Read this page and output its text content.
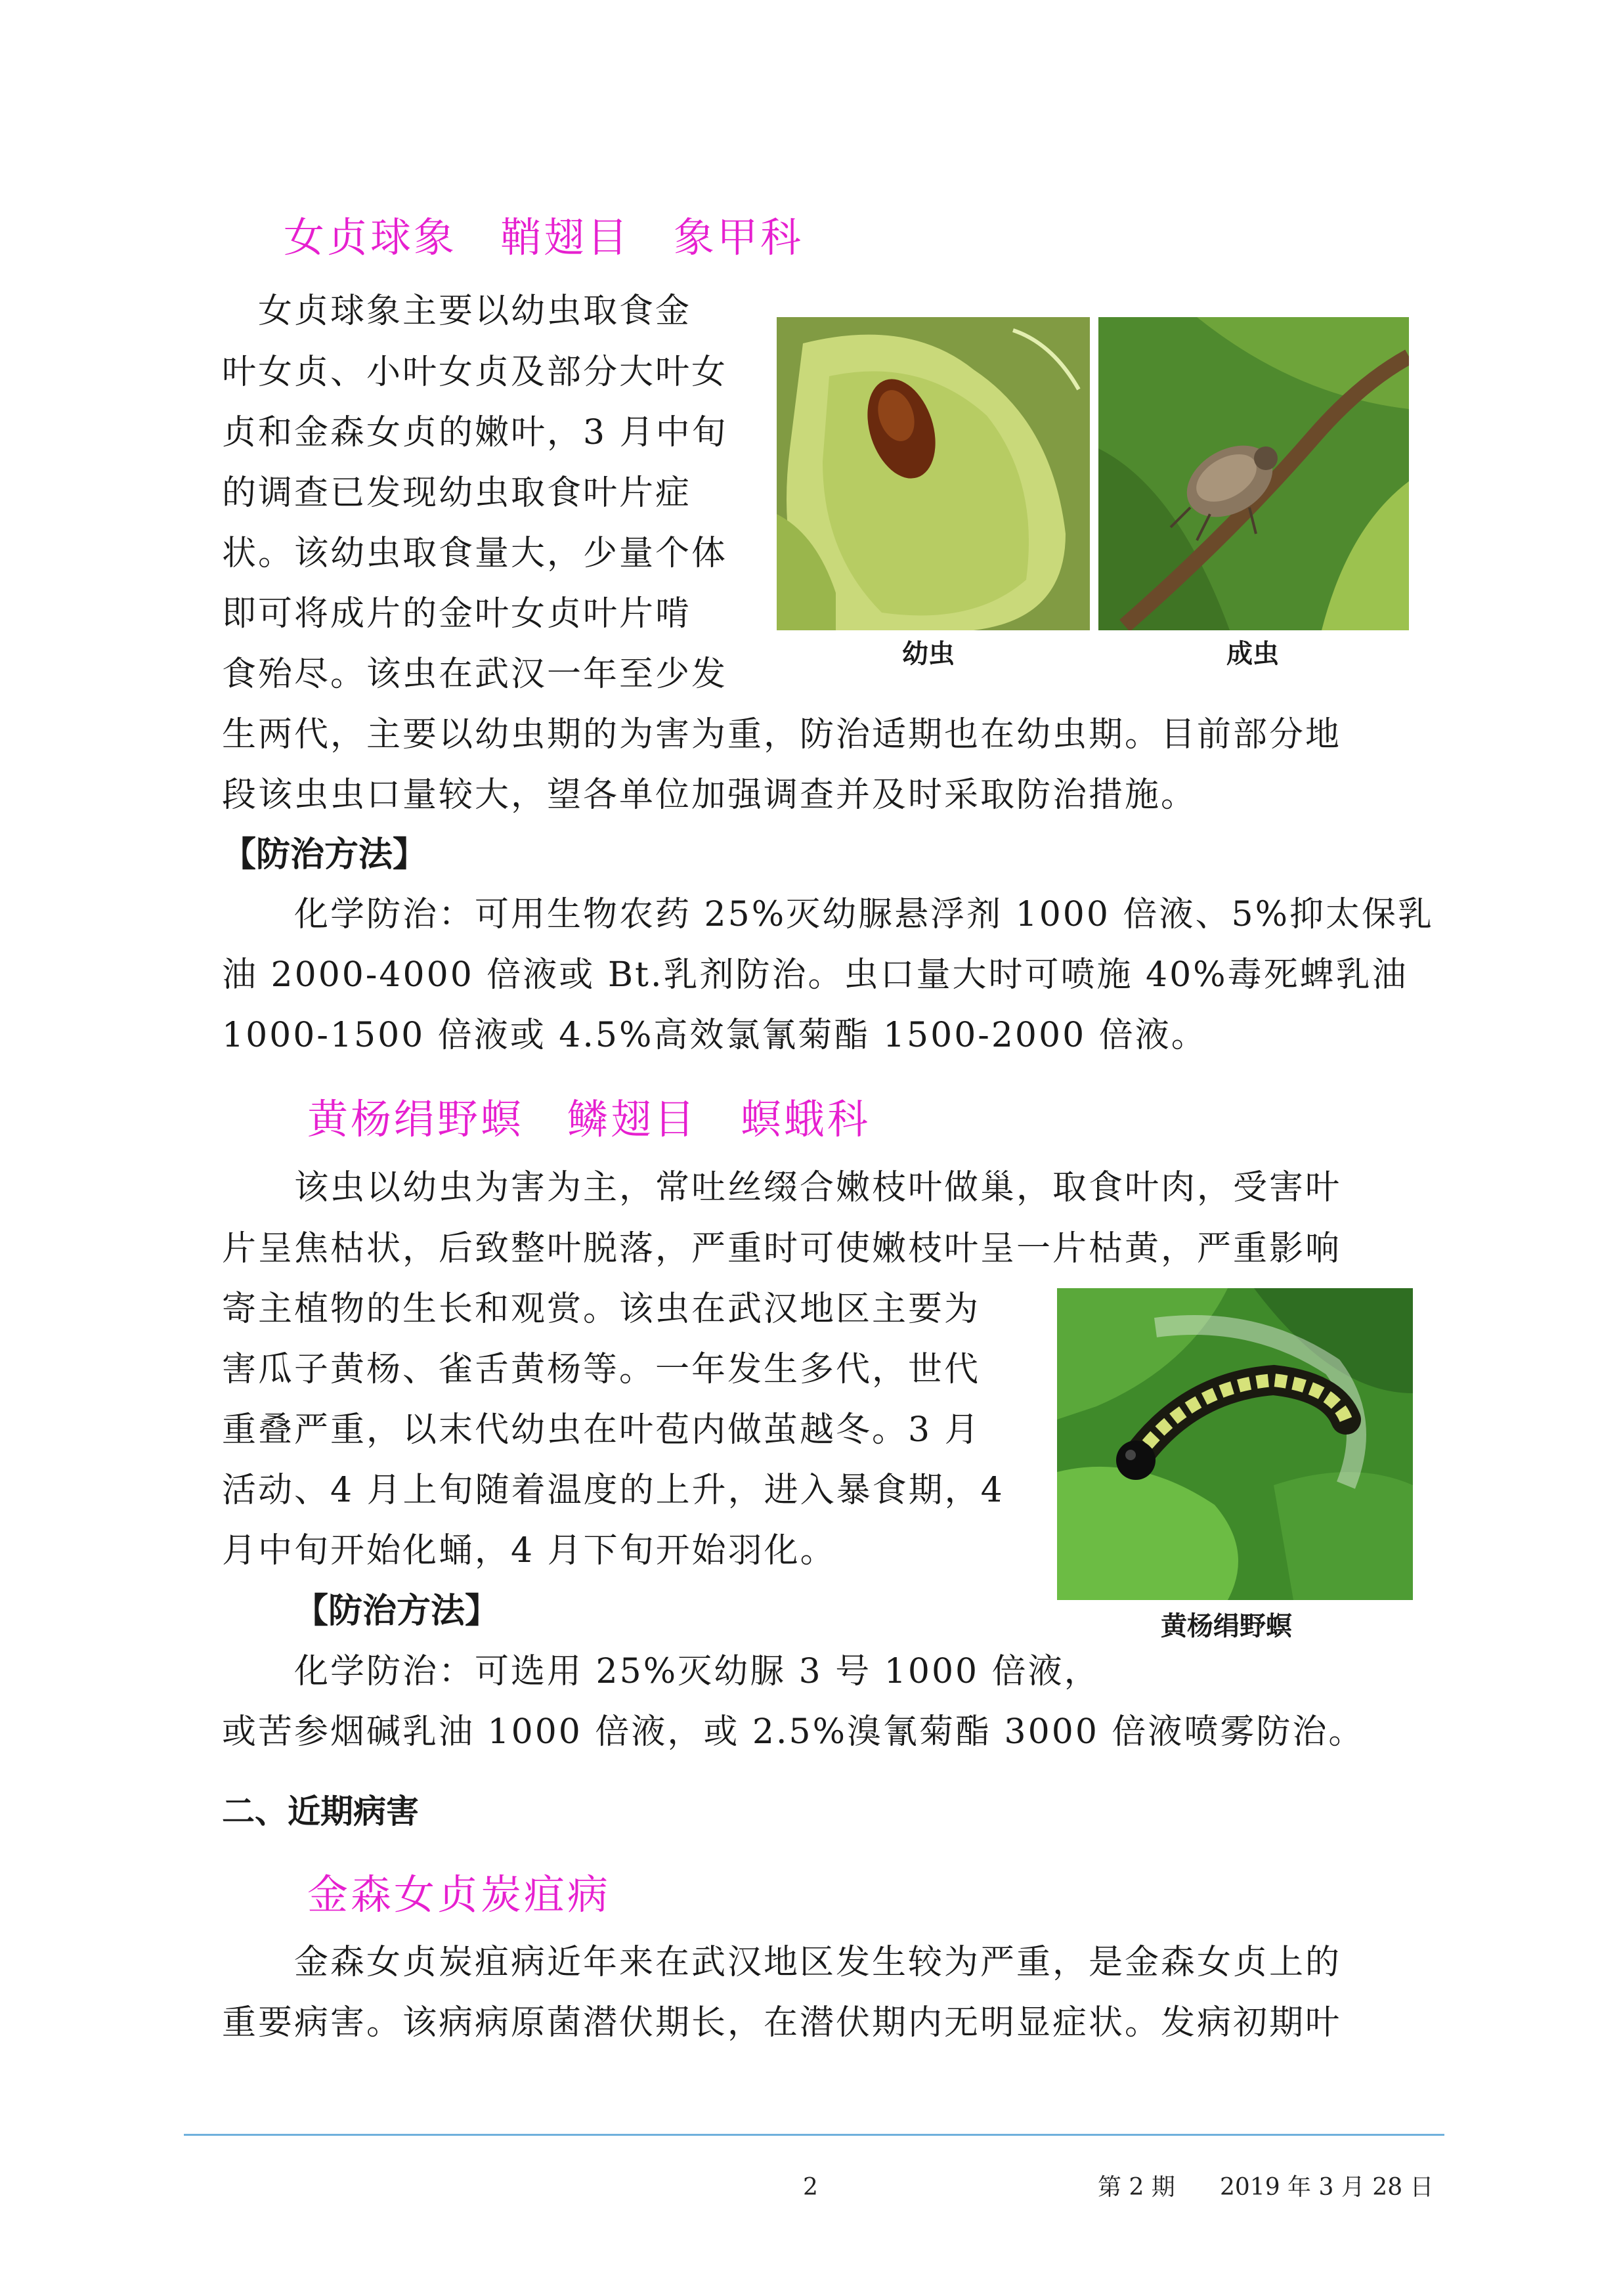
女贞球象　鞘翅目　象甲科
　女贞球象主要以幼虫取食金
叶女贞、小叶女贞及部分大叶女
贞和金森女贞的嫩叶，3 月中旬
的调查已发现幼虫取食叶片症
状。该幼虫取食量大，少量个体
即可将成片的金叶女贞叶片啃
食殆尽。该虫在武汉一年至少发
生两代，主要以幼虫期的为害为重，防治适期也在幼虫期。目前部分地
段该虫虫口量较大，望各单位加强调查并及时采取防治措施。
幼虫	成虫
【防治方法】
　　化学防治：可用生物农药 25%灭幼脲悬浮剂 1000 倍液、5%抑太保乳
油 2000-4000 倍液或 Bt.乳剂防治。虫口量大时可喷施 40%毒死蜱乳油
1000-1500 倍液或 4.5%高效氯氰菊酯 1500-2000 倍液。
黄杨绢野螟　鳞翅目　螟蛾科
　　该虫以幼虫为害为主，常吐丝缀合嫩枝叶做巢，取食叶肉，受害叶
片呈焦枯状，后致整叶脱落，严重时可使嫩枝叶呈一片枯黄，严重影响
寄主植物的生长和观赏。该虫在武汉地区主要为
害瓜子黄杨、雀舌黄杨等。一年发生多代，世代
重叠严重，以末代幼虫在叶苞内做茧越冬。3 月
活动、4 月上旬随着温度的上升，进入暴食期，4
月中旬开始化蛹，4 月下旬开始羽化。
黄杨绢野螟
【防治方法】
化学防治：可选用 25%灭幼脲 3 号 1000 倍液，
或苦参烟碱乳油 1000 倍液，或 2.5%溴氰菊酯 3000 倍液喷雾防治。
二、近期病害
金森女贞炭疽病
　　金森女贞炭疽病近年来在武汉地区发生较为严重，是金森女贞上的
重要病害。该病病原菌潜伏期长，在潜伏期内无明显症状。发病初期叶
2	第 2 期 2019 年 3 月 28 日
